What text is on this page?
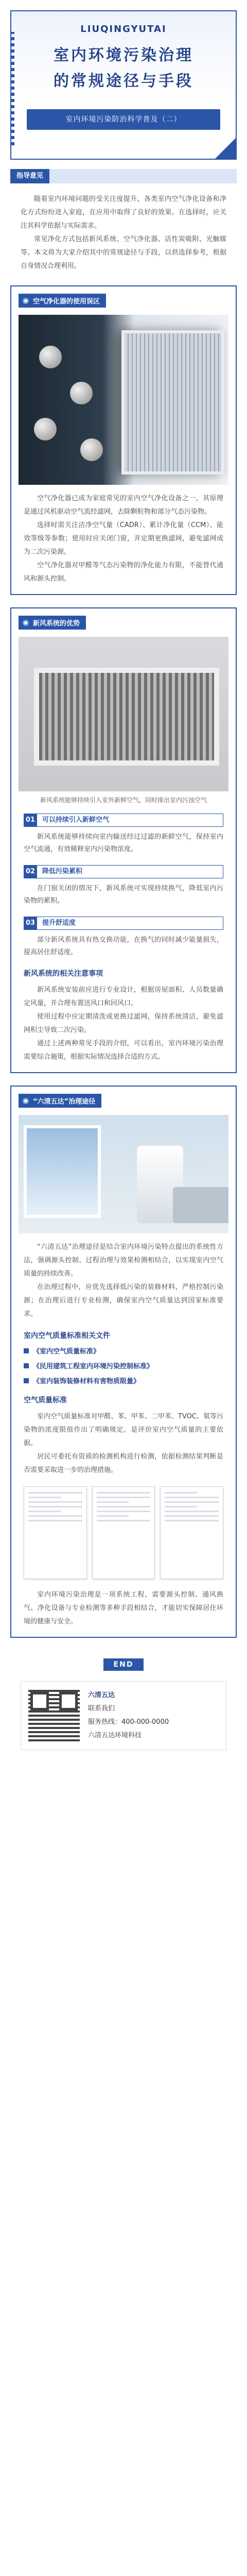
LIUQINGYUTAI
室内环境污染治理
的常规途径与手段
室内环境污染防治科学普及（二）
指导意见

随着室内环境问题的受关注度提升，各类室内空气净化设备和净化方式纷纷进入家庭，在应用中取得了良好的效果。在选择时，应关注其科学依据与实际需求。

常见净化方式包括新风系统、空气净化器、活性炭吸附、光触媒等。本文将为大家介绍其中的常规途径与手段，以供选择参考，根据自身情况合理利用。

空气净化器的使用误区

空气净化器已成为家庭常见的室内空气净化设备之一，其原理是通过风机驱动空气流经滤网，去除颗粒物和部分气态污染物。

选择时需关注洁净空气量（CADR）、累计净化量（CCM）、能效等级等参数；使用时应关闭门窗，并定期更换滤网，避免滤网成为二次污染源。

空气净化器对甲醛等气态污染物的净化能力有限，不能替代通风和源头控制。

新风系统的优势
新风系统能够持续引入室外新鲜空气，同时排出室内污浊空气
01	可以持续引入新鲜空气

新风系统能够持续向室内输送经过过滤的新鲜空气，保持室内空气流通，有效稀释室内污染物浓度。

02	降低污染累积

在门窗关闭的情况下，新风系统可实现持续换气，降低室内污染物的累积。

03	提升舒适度

部分新风系统具有热交换功能，在换气的同时减少能量损失，提高居住舒适度。

新风系统的相关注意事项

新风系统安装前应进行专业设计，根据房屋面积、人员数量确定风量，并合理布置送风口和回风口。

使用过程中应定期清洗或更换过滤网，保持系统清洁，避免滤网积尘导致二次污染。

通过上述两种常见手段的介绍，可以看出，室内环境污染治理需要综合施策，根据实际情况选择合适的方式。

“六清五达”治理途径

“六清五达”治理途径是结合室内环境污染特点提出的系统性方法，强调源头控制、过程治理与效果检测相结合，以实现室内空气质量的持续改善。

在治理过程中，应优先选择低污染的装修材料，严格控制污染源；在治理后进行专业检测，确保室内空气质量达到国家标准要求。

室内空气质量标准相关文件
《室内空气质量标准》
《民用建筑工程室内环境污染控制标准》
《室内装饰装修材料有害物质限量》
空气质量标准

室内空气质量标准对甲醛、苯、甲苯、二甲苯、TVOC、氡等污染物的浓度限值作出了明确规定，是评价室内空气质量的主要依据。

居民可委托有资质的检测机构进行检测，依据检测结果判断是否需要采取进一步的治理措施。

室内环境污染治理是一项系统工程，需要源头控制、通风换气、净化设备与专业检测等多种手段相结合，才能切实保障居住环境的健康与安全。

END
六清五达
联系我们
服务热线：400-000-0000
六清五达环境科技
